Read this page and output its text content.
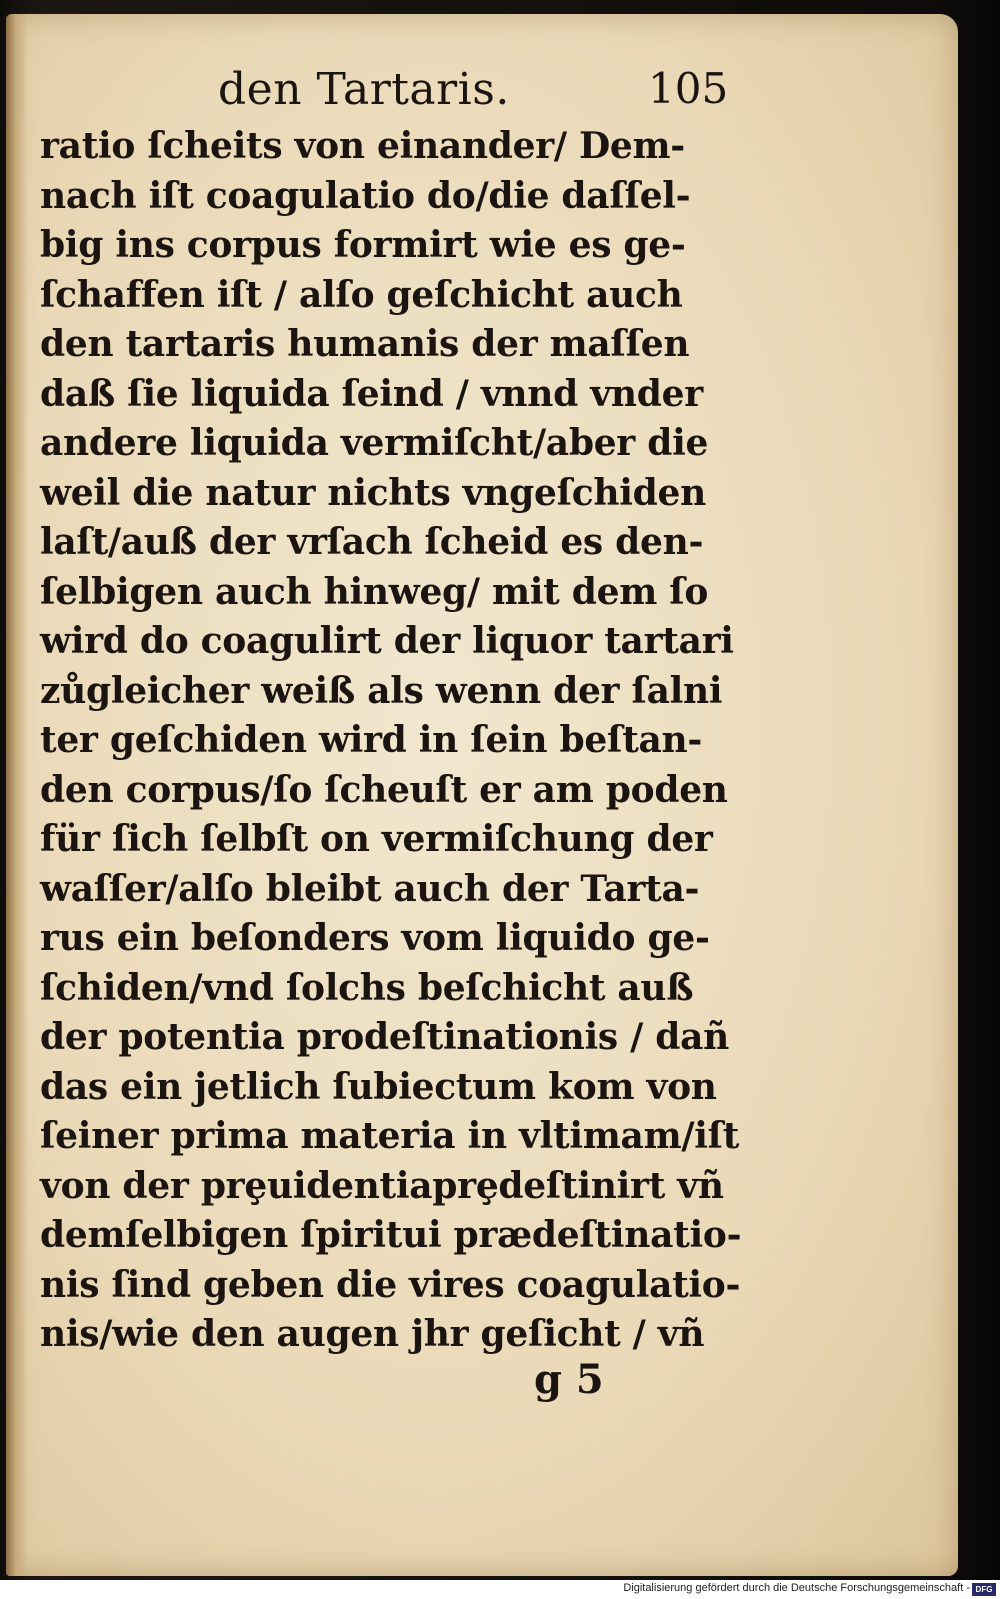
den Tartaris.	105
ratio ſcheits von einander/ Dem-
nach iſt coagulatio do/die daſſel-
big ins corpus formirt wie es ge-
ſchaffen iſt / alſo geſchicht auch
den tartaris humanis der maſſen
daß ſie liquida ſeind / vnnd vnder
andere liquida vermiſcht/aber die
weil die natur nichts vngeſchiden
laſt/auß der vrſach ſcheid es den-
ſelbigen auch hinweg/ mit dem ſo
wird do coagulirt der liquor tartari
zůgleicher weiß als wenn der ſalni
ter geſchiden wird in ſein beſtan-
den corpus/ſo ſcheuſt er am poden
für ſich ſelbſt on vermiſchung der
waſſer/alſo bleibt auch der Tarta-
rus ein beſonders vom liquido ge-
ſchiden/vnd ſolchs beſchicht auß
der potentia prodeſtinationis / dañ
das ein jetlich ſubiectum kom von
ſeiner prima materia in vltimam/iſt
von der prȩuidentiaprȩdeſtinirt vñ
demſelbigen ſpiritui prædeſtinatio-
nis ſind geben die vires coagulatio-
nis/wie den augen jhr geſicht / vñ
g 5
Digitalisierung gefördert durch die Deutsche Forschungsgemeinschaft - DFG
